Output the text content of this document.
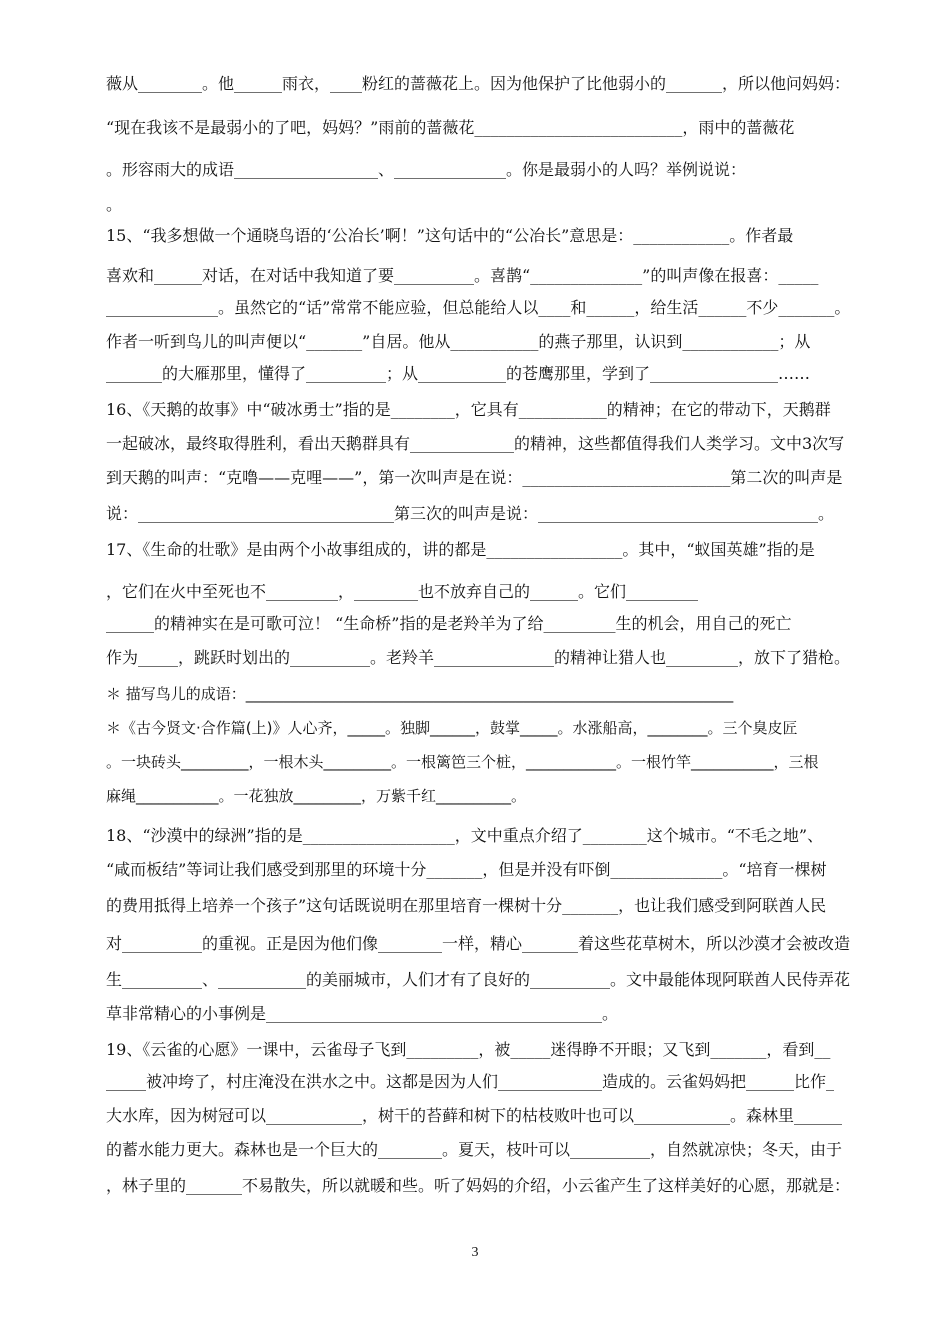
薇从________。他______雨衣，____粉红的蔷薇花上。因为他保护了比他弱小的_______，所以他问妈妈：
“现在我该不是最弱小的了吧，妈妈？”雨前的蔷薇花__________________________，雨中的蔷薇花
。形容雨大的成语__________________、______________。你是最弱小的人吗？举例说说：
。
15、“我多想做一个通晓鸟语的‘公冶长’啊！”这句话中的“公冶长”意思是：____________。作者最
喜欢和______对话，在对话中我知道了要__________。喜鹊“______________”的叫声像在报喜：_____
______________。虽然它的“话”常常不能应验，但总能给人以____和______，给生活______不少_______。
作者一听到鸟儿的叫声便以“_______”自居。他从___________的燕子那里，认识到____________；从
_______的大雁那里，懂得了__________；从___________的苍鹰那里，学到了________________……
16、《天鹅的故事》中“破冰勇士”指的是________，它具有___________的精神；在它的带动下，天鹅群
一起破冰，最终取得胜利，看出天鹅群具有_____________的精神，这些都值得我们人类学习。文中3次写
到天鹅的叫声：“克噜——克哩——”，第一次叫声是在说：__________________________第二次的叫声是
说：________________________________第三次的叫声是说：___________________________________。
17、《生命的壮歌》是由两个小故事组成的，讲的都是_________________。其中，“蚁国英雄”指的是
，它们在火中至死也不_________，________也不放弃自己的______。它们_________
______的精神实在是可歌可泣！ “生命桥”指的是老羚羊为了给_________生的机会，用自己的死亡
作为_____，跳跃时划出的__________。老羚羊_______________的精神让猎人也_________，放下了猎枪。
＊ 描写鸟儿的成语：_________________________________________________________________
＊《古今贤文·合作篇(上)》人心齐，_____。独脚______，鼓掌_____。水涨船高，________。三个臭皮匠
。一块砖头_________，一根木头_________。一根篱笆三个桩，____________。一根竹竿___________，三根
麻绳___________。一花独放_________，万紫千红__________。
18、“沙漠中的绿洲”指的是___________________，文中重点介绍了________这个城市。“不毛之地”、
“咸而板结”等词让我们感受到那里的环境十分_______，但是并没有吓倒______________。“培育一棵树
的费用抵得上培养一个孩子”这句话既说明在那里培育一棵树十分_______，也让我们感受到阿联酋人民
对__________的重视。正是因为他们像________一样，精心_______着这些花草树木，所以沙漠才会被改造
生__________、___________的美丽城市，人们才有了良好的__________。文中最能体现阿联酋人民侍弄花
草非常精心的小事例是__________________________________________。
19、《云雀的心愿》一课中，云雀母子飞到_________，被_____迷得睁不开眼；又飞到_______，看到__
_____被冲垮了，村庄淹没在洪水之中。这都是因为人们_____________造成的。云雀妈妈把______比作_
大水库，因为树冠可以____________，树干的苔藓和树下的枯枝败叶也可以____________。森林里______
的蓄水能力更大。森林也是一个巨大的________。夏天，枝叶可以__________，自然就凉快；冬天，由于
，林子里的_______不易散失，所以就暖和些。听了妈妈的介绍，小云雀产生了这样美好的心愿，那就是：
3
